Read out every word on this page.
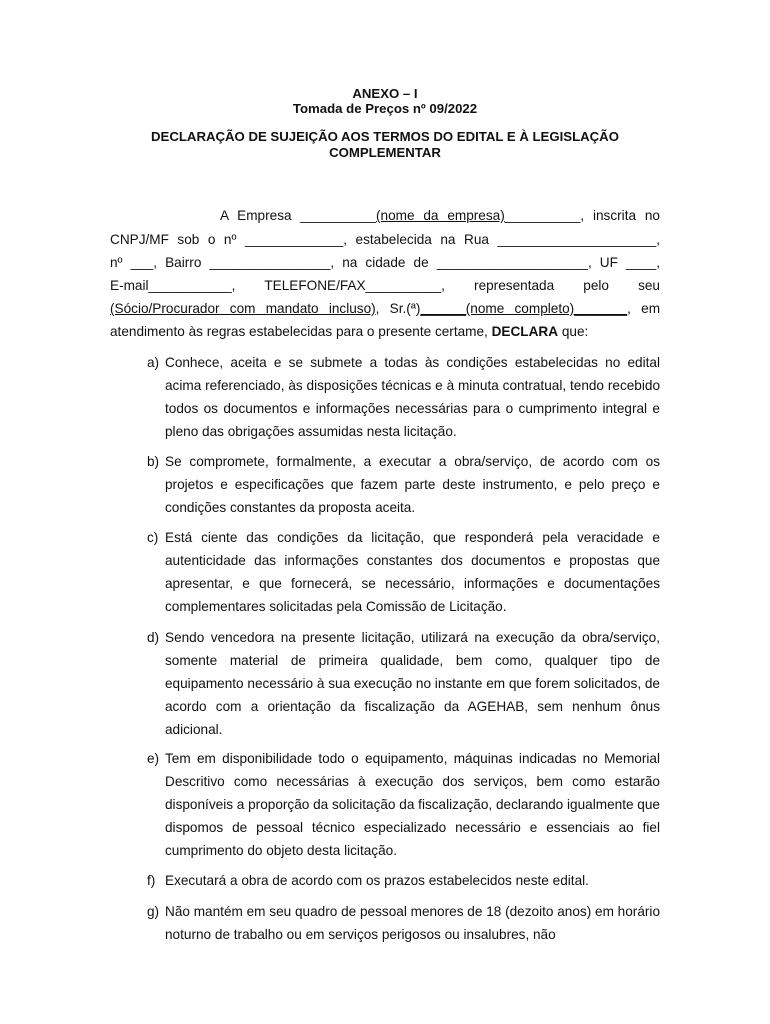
ANEXO – I
Tomada de Preços nº 09/2022
DECLARAÇÃO DE SUJEIÇÃO AOS TERMOS DO EDITAL E À LEGISLAÇÃO
COMPLEMENTAR
A Empresa __________(nome da empresa)__________, inscrita no
CNPJ/MF sob o nº _____________, estabelecida na Rua _____________________,
nº ___, Bairro ________________, na cidade de ____________________, UF ____,
E-mail___________, TELEFONE/FAX__________, representada pelo seu
(Sócio/Procurador com mandato incluso), Sr.(ª)______(nome completo)_______, em
atendimento às regras estabelecidas para o presente certame, DECLARA que:
a) Conhece, aceita e se submete a todas às condições estabelecidas no edital acima referenciado, às disposições técnicas e à minuta contratual, tendo recebido todos os documentos e informações necessárias para o cumprimento integral e pleno das obrigações assumidas nesta licitação.
b) Se compromete, formalmente, a executar a obra/serviço, de acordo com os projetos e especificações que fazem parte deste instrumento, e pelo preço e condições constantes da proposta aceita.
c) Está ciente das condições da licitação, que responderá pela veracidade e autenticidade das informações constantes dos documentos e propostas que apresentar, e que fornecerá, se necessário, informações e documentações complementares solicitadas pela Comissão de Licitação.
d) Sendo vencedora na presente licitação, utilizará na execução da obra/serviço, somente material de primeira qualidade, bem como, qualquer tipo de equipamento necessário à sua execução no instante em que forem solicitados, de acordo com a orientação da fiscalização da AGEHAB, sem nenhum ônus adicional.
e) Tem em disponibilidade todo o equipamento, máquinas indicadas no Memorial Descritivo como necessárias à execução dos serviços, bem como estarão disponíveis a proporção da solicitação da fiscalização, declarando igualmente que dispomos de pessoal técnico especializado necessário e essenciais ao fiel cumprimento do objeto desta licitação.
f) Executará a obra de acordo com os prazos estabelecidos neste edital.
g) Não mantém em seu quadro de pessoal menores de 18 (dezoito anos) em horário noturno de trabalho ou em serviços perigosos ou insalubres, não
